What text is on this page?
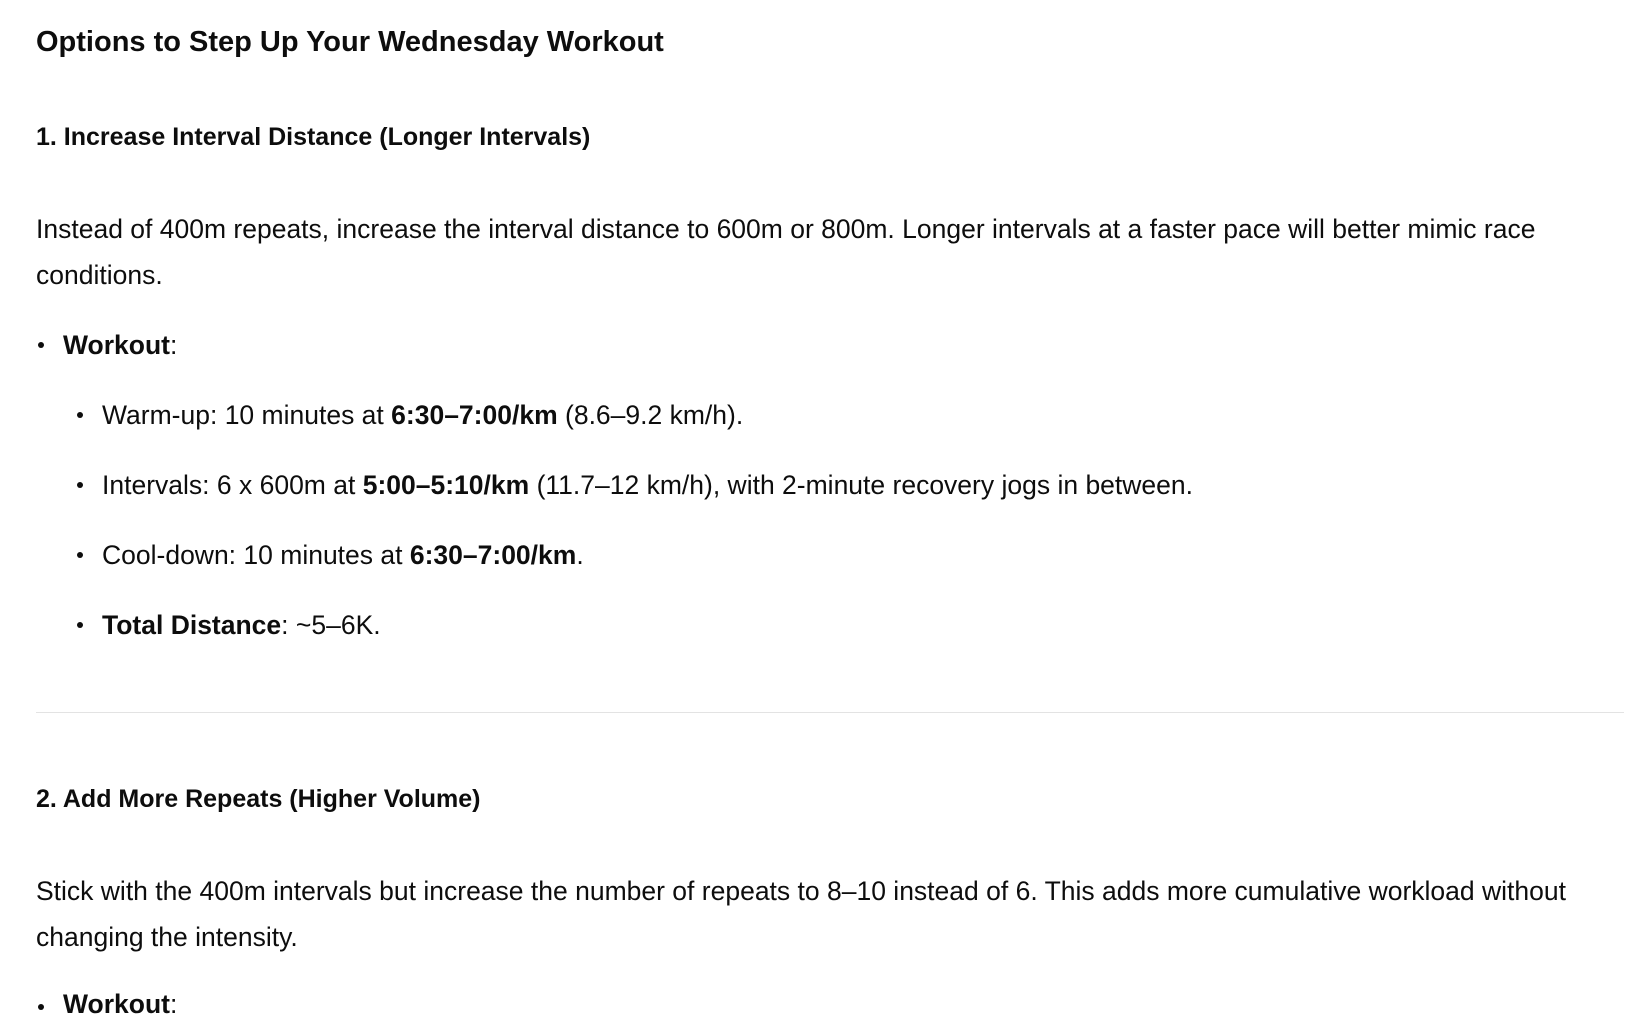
Options to Step Up Your Wednesday Workout
1. Increase Interval Distance (Longer Intervals)

Instead of 400m repeats, increase the interval distance to 600m or 800m. Longer intervals at a faster pace will better mimic race conditions.

Workout:
Warm-up: 10 minutes at 6:30–7:00/km (8.6–9.2 km/h).
Intervals: 6 x 600m at 5:00–5:10/km (11.7–12 km/h), with 2-minute recovery jogs in between.
Cool-down: 10 minutes at 6:30–7:00/km.
Total Distance: ~5–6K.
2. Add More Repeats (Higher Volume)

Stick with the 400m intervals but increase the number of repeats to 8–10 instead of 6. This adds more cumulative workload without changing the intensity.

Workout:
